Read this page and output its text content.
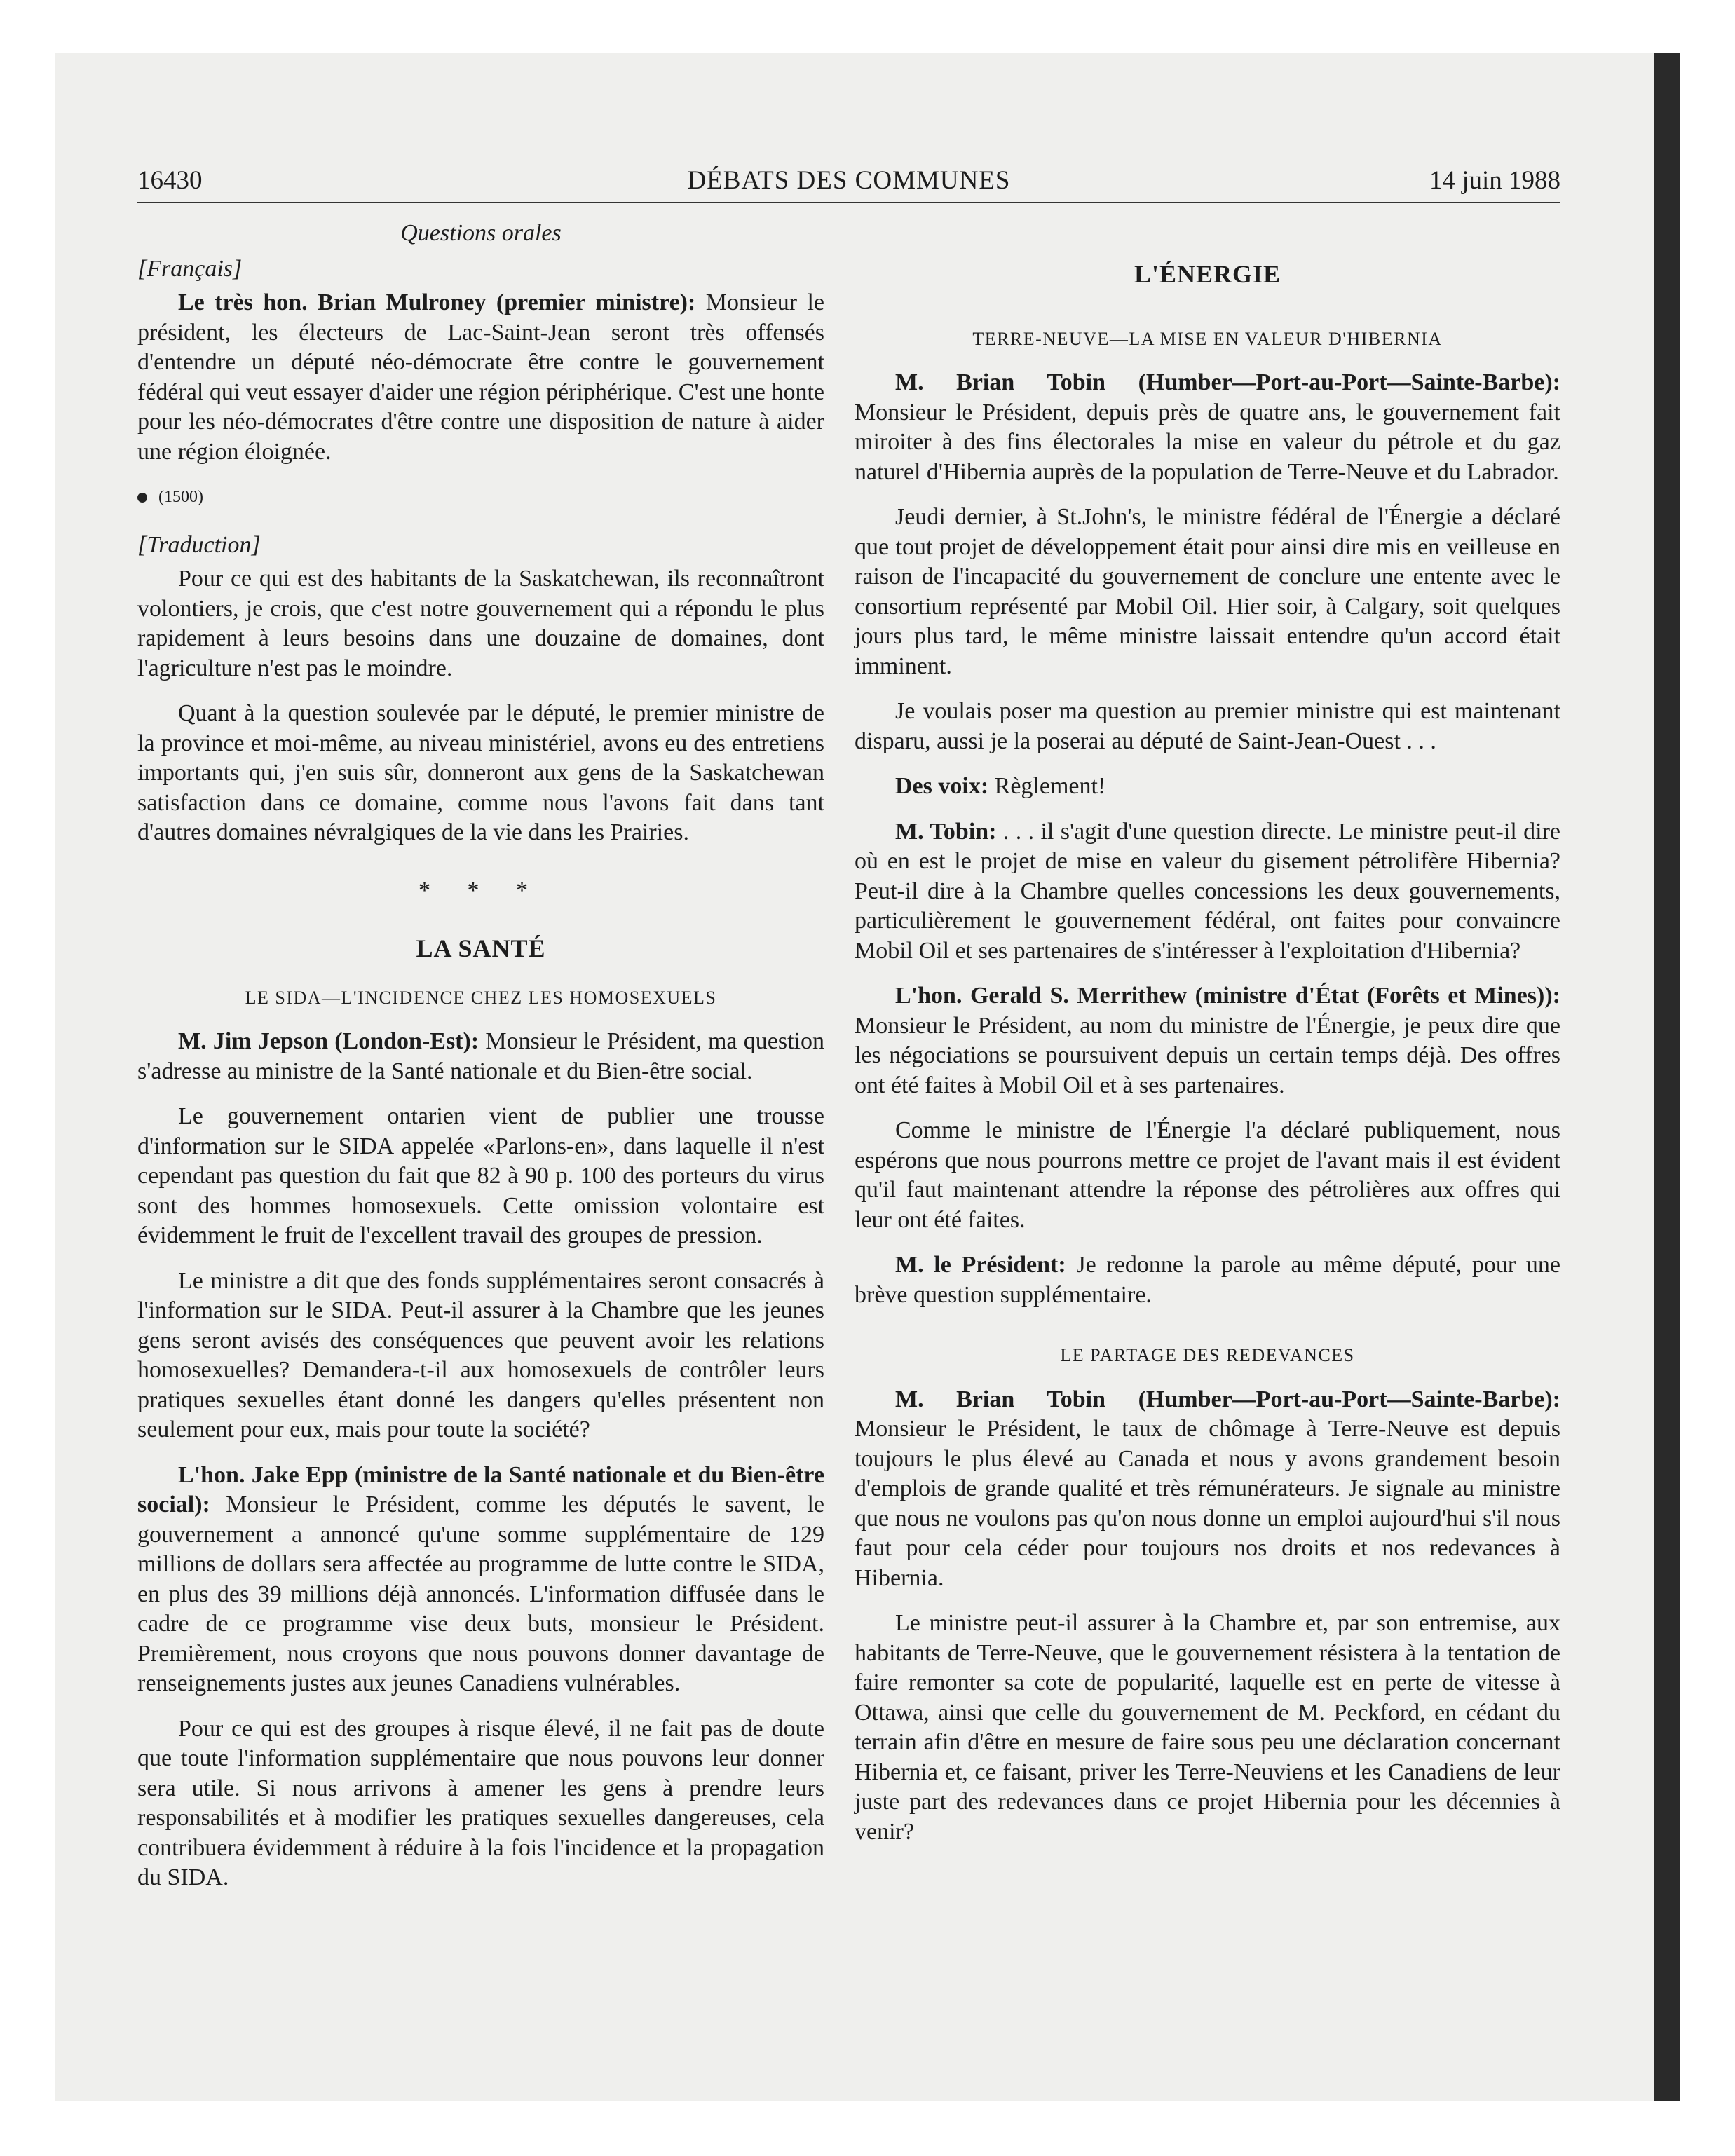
16430	DÉBATS DES COMMUNES	14 juin 1988

Questions orales

[Français]

Le très hon. Brian Mulroney (premier ministre): Monsieur le président, les électeurs de Lac-Saint-Jean seront très offensés d'entendre un député néo-démocrate être contre le gouvernement fédéral qui veut essayer d'aider une région périphérique. C'est une honte pour les néo-démocrates d'être contre une disposition de nature à aider une région éloignée.

(1500)

[Traduction]

Pour ce qui est des habitants de la Saskatchewan, ils reconnaîtront volontiers, je crois, que c'est notre gouvernement qui a répondu le plus rapidement à leurs besoins dans une douzaine de domaines, dont l'agriculture n'est pas le moindre.

Quant à la question soulevée par le député, le premier ministre de la province et moi-même, au niveau ministériel, avons eu des entretiens importants qui, j'en suis sûr, donneront aux gens de la Saskatchewan satisfaction dans ce domaine, comme nous l'avons fait dans tant d'autres domaines névralgiques de la vie dans les Prairies.

* * *

LA SANTÉ

LE SIDA—L'INCIDENCE CHEZ LES HOMOSEXUELS

M. Jim Jepson (London-Est): Monsieur le Président, ma question s'adresse au ministre de la Santé nationale et du Bien-être social.

Le gouvernement ontarien vient de publier une trousse d'information sur le SIDA appelée «Parlons-en», dans laquelle il n'est cependant pas question du fait que 82 à 90 p. 100 des porteurs du virus sont des hommes homosexuels. Cette omission volontaire est évidemment le fruit de l'excellent travail des groupes de pression.

Le ministre a dit que des fonds supplémentaires seront consacrés à l'information sur le SIDA. Peut-il assurer à la Chambre que les jeunes gens seront avisés des conséquences que peuvent avoir les relations homosexuelles? Demandera-t-il aux homosexuels de contrôler leurs pratiques sexuelles étant donné les dangers qu'elles présentent non seulement pour eux, mais pour toute la société?

L'hon. Jake Epp (ministre de la Santé nationale et du Bien-être social): Monsieur le Président, comme les députés le savent, le gouvernement a annoncé qu'une somme supplémentaire de 129 millions de dollars sera affectée au programme de lutte contre le SIDA, en plus des 39 millions déjà annoncés. L'information diffusée dans le cadre de ce programme vise deux buts, monsieur le Président. Premièrement, nous croyons que nous pouvons donner davantage de renseignements justes aux jeunes Canadiens vulnérables.

Pour ce qui est des groupes à risque élevé, il ne fait pas de doute que toute l'information supplémentaire que nous pouvons leur donner sera utile. Si nous arrivons à amener les gens à prendre leurs responsabilités et à modifier les pratiques sexuelles dangereuses, cela contribuera évidemment à réduire à la fois l'incidence et la propagation du SIDA.

L'ÉNERGIE

TERRE-NEUVE—LA MISE EN VALEUR D'HIBERNIA

M. Brian Tobin (Humber—Port-au-Port—Sainte-Barbe): Monsieur le Président, depuis près de quatre ans, le gouvernement fait miroiter à des fins électorales la mise en valeur du pétrole et du gaz naturel d'Hibernia auprès de la population de Terre-Neuve et du Labrador.

Jeudi dernier, à St.John's, le ministre fédéral de l'Énergie a déclaré que tout projet de développement était pour ainsi dire mis en veilleuse en raison de l'incapacité du gouvernement de conclure une entente avec le consortium représenté par Mobil Oil. Hier soir, à Calgary, soit quelques jours plus tard, le même ministre laissait entendre qu'un accord était imminent.

Je voulais poser ma question au premier ministre qui est maintenant disparu, aussi je la poserai au député de Saint-Jean-Ouest . . .

Des voix: Règlement!

M. Tobin: . . . il s'agit d'une question directe. Le ministre peut-il dire où en est le projet de mise en valeur du gisement pétrolifère Hibernia? Peut-il dire à la Chambre quelles concessions les deux gouvernements, particulièrement le gouvernement fédéral, ont faites pour convaincre Mobil Oil et ses partenaires de s'intéresser à l'exploitation d'Hibernia?

L'hon. Gerald S. Merrithew (ministre d'État (Forêts et Mines)): Monsieur le Président, au nom du ministre de l'Énergie, je peux dire que les négociations se poursuivent depuis un certain temps déjà. Des offres ont été faites à Mobil Oil et à ses partenaires.

Comme le ministre de l'Énergie l'a déclaré publiquement, nous espérons que nous pourrons mettre ce projet de l'avant mais il est évident qu'il faut maintenant attendre la réponse des pétrolières aux offres qui leur ont été faites.

M. le Président: Je redonne la parole au même député, pour une brève question supplémentaire.

LE PARTAGE DES REDEVANCES

M. Brian Tobin (Humber—Port-au-Port—Sainte-Barbe): Monsieur le Président, le taux de chômage à Terre-Neuve est depuis toujours le plus élevé au Canada et nous y avons grandement besoin d'emplois de grande qualité et très rémunérateurs. Je signale au ministre que nous ne voulons pas qu'on nous donne un emploi aujourd'hui s'il nous faut pour cela céder pour toujours nos droits et nos redevances à Hibernia.

Le ministre peut-il assurer à la Chambre et, par son entremise, aux habitants de Terre-Neuve, que le gouvernement résistera à la tentation de faire remonter sa cote de popularité, laquelle est en perte de vitesse à Ottawa, ainsi que celle du gouvernement de M. Peckford, en cédant du terrain afin d'être en mesure de faire sous peu une déclaration concernant Hibernia et, ce faisant, priver les Terre-Neuviens et les Canadiens de leur juste part des redevances dans ce projet Hibernia pour les décennies à venir?
